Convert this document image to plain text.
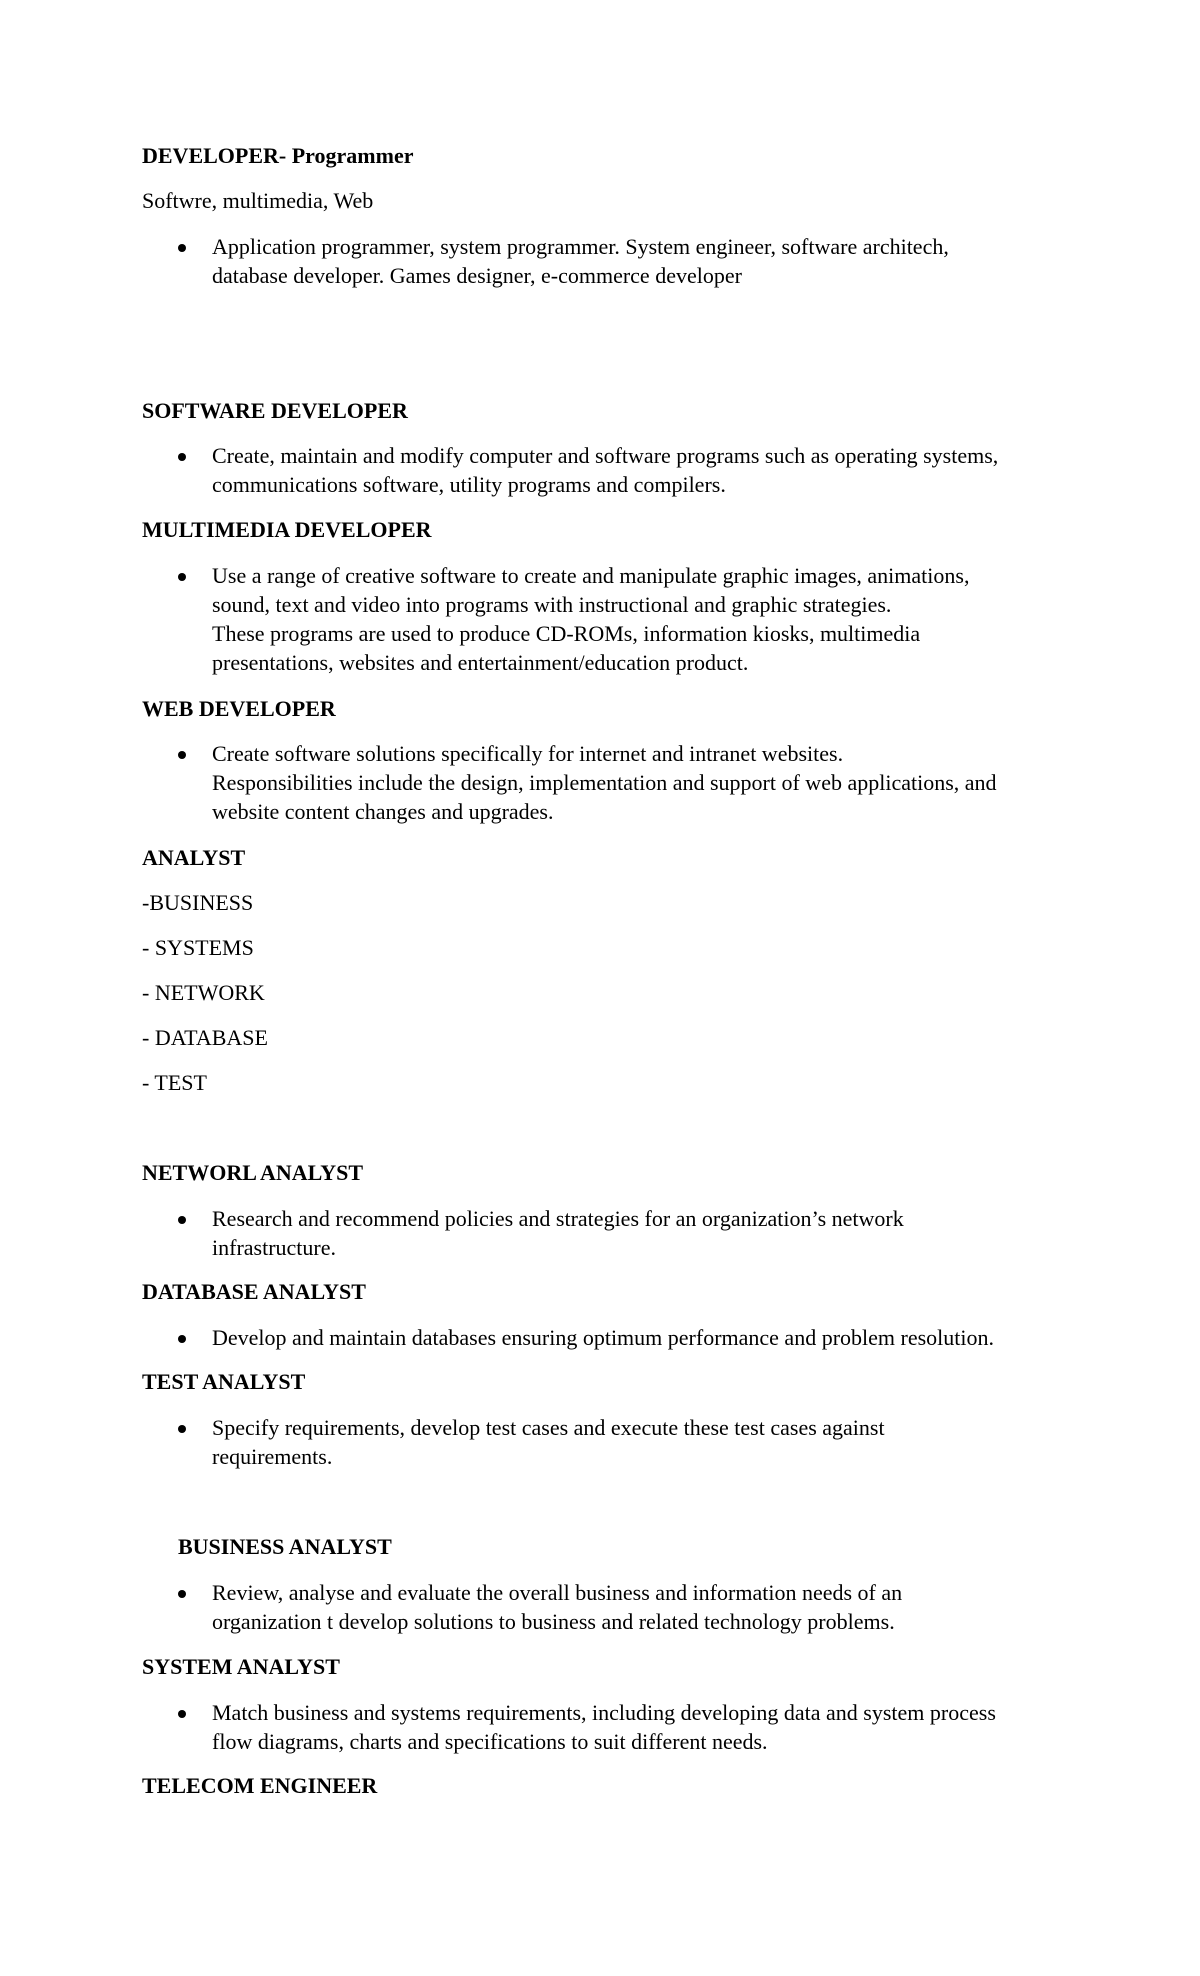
DEVELOPER- Programmer

Softwre, multimedia, Web

Application programmer, system programmer. System engineer, software architech,
database developer. Games designer, e-commerce developer

SOFTWARE DEVELOPER

Create, maintain and modify computer and software programs such as operating systems,
communications software, utility programs and compilers.

MULTIMEDIA DEVELOPER

Use a range of creative software to create and manipulate graphic images, animations,
sound, text and video into programs with instructional and graphic strategies.
These programs are used to produce CD-ROMs, information kiosks, multimedia
presentations, websites and entertainment/education product.

WEB DEVELOPER

Create software solutions specifically for internet and intranet websites.
Responsibilities include the design, implementation and support of web applications, and
website content changes and upgrades.

ANALYST

-BUSINESS

- SYSTEMS

- NETWORK

- DATABASE

- TEST

NETWORL ANALYST

Research and recommend policies and strategies for an organization’s network
infrastructure.

DATABASE ANALYST

Develop and maintain databases ensuring optimum performance and problem resolution.

TEST ANALYST

Specify requirements, develop test cases and execute these test cases against
requirements.

BUSINESS ANALYST

Review, analyse and evaluate the overall business and information needs of an
organization t develop solutions to business and related technology problems.

SYSTEM ANALYST

Match business and systems requirements, including developing data and system process
flow diagrams, charts and specifications to suit different needs.

TELECOM ENGINEER
